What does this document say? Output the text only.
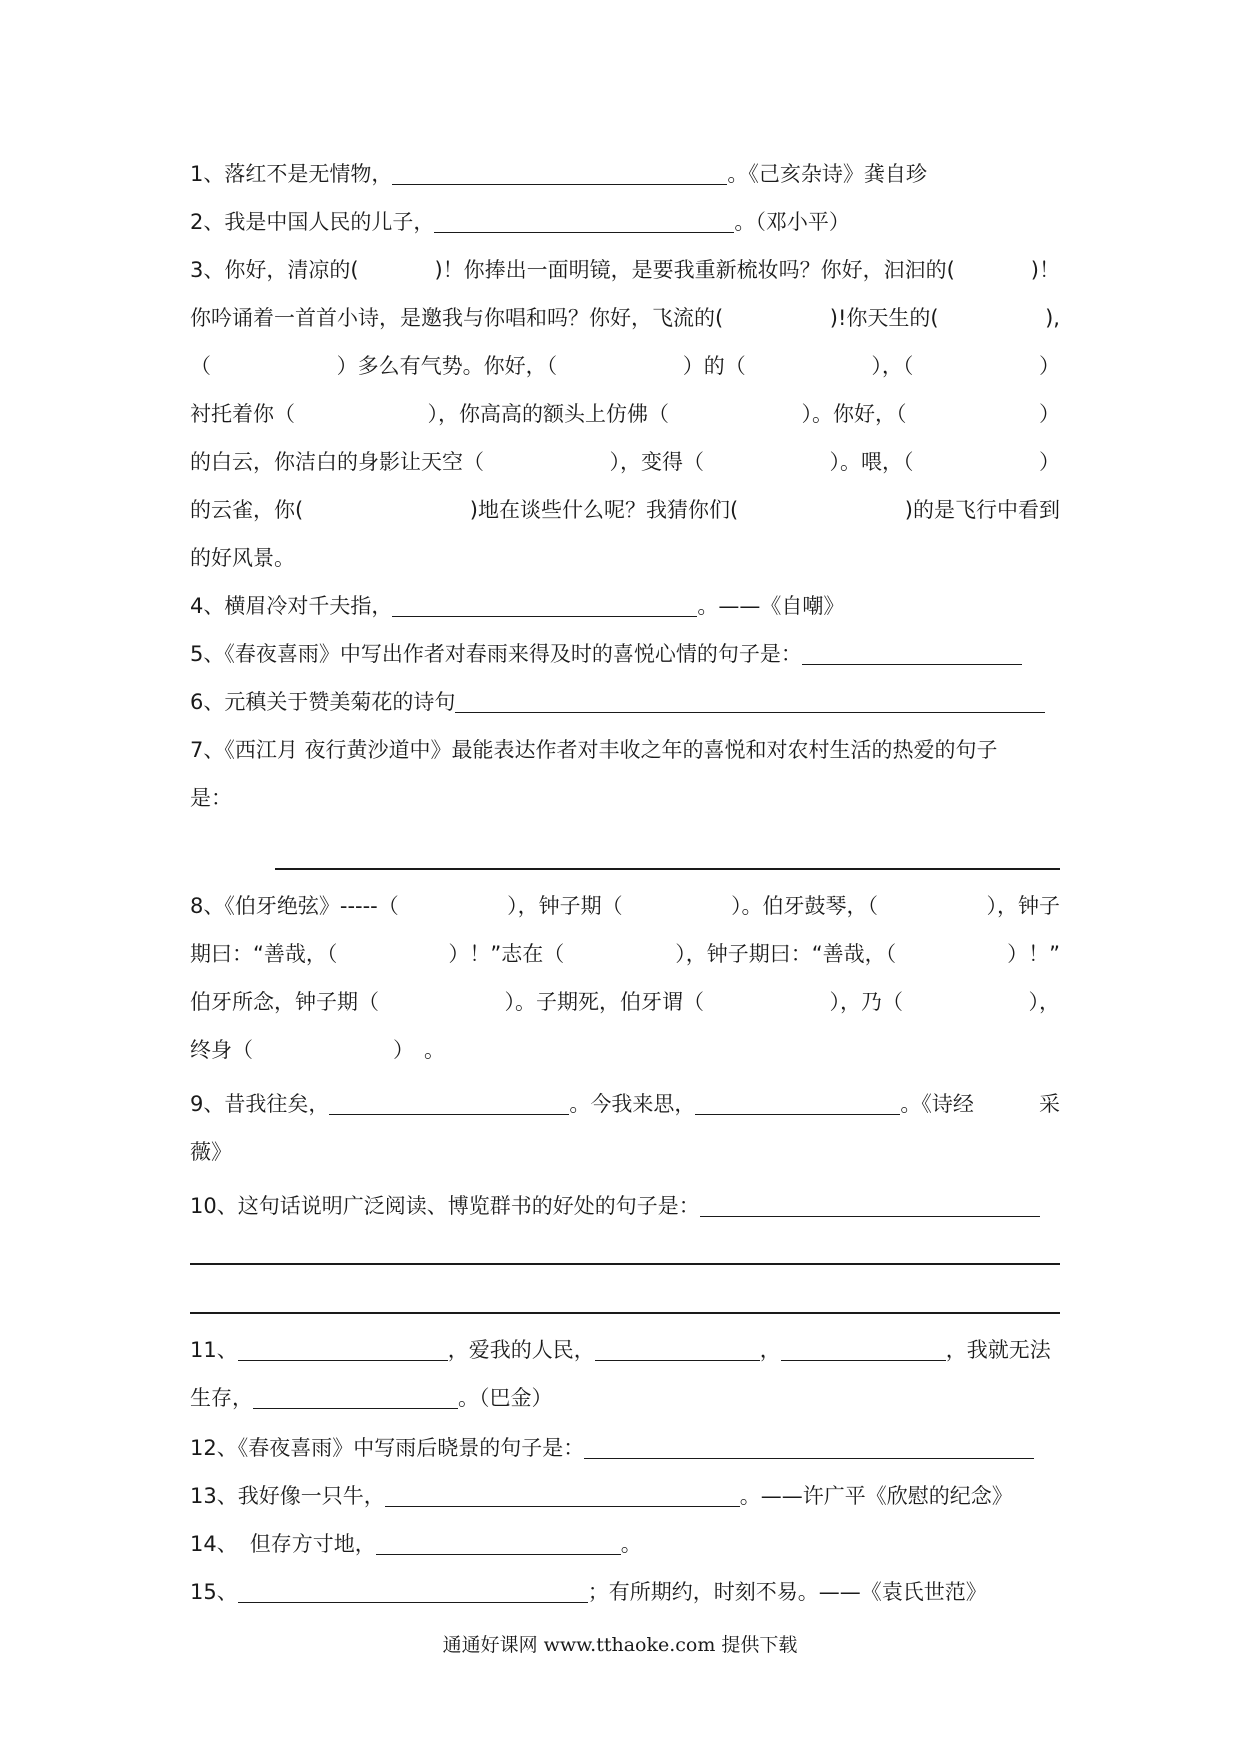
1、落红不是无情物，	。《己亥杂诗》龚自珍
2、我是中国人民的儿子，	。（邓小平）
3、你好，清凉的(	)！你捧出一面明镜，是要我重新梳妆吗？你好，汩汩的(	)！
你吟诵着一首首小诗，是邀我与你唱和吗？你好，飞流的(	)!你天生的(	),
（	）多么有气势。你好，（	）的（	），（	）
衬托着你（	），你高高的额头上仿佛（	）。你好，（	）
的白云，你洁白的身影让天空（	），变得（	）。喂，（	）
的云雀，你(	)地在谈些什么呢？我猜你们(	)的是飞行中看到
的好风景。
4、横眉冷对千夫指，	。——《自嘲》
5、《春夜喜雨》中写出作者对春雨来得及时的喜悦心情的句子是：
6、元稹关于赞美菊花的诗句
7、《西江月 夜行黄沙道中》最能表达作者对丰收之年的喜悦和对农村生活的热爱的句子
是：
8、《伯牙绝弦》-----（	），钟子期（	）。伯牙鼓琴，（	），钟子
期曰：“善哉，（	）！”志在（	），钟子期曰：“善哉，（	）！”
伯牙所念，钟子期（	）。子期死，伯牙谓（	），乃（	），
终身（	） 。
9、昔我往矣，	。今我来思，	。《诗经	采
薇》
10、这句话说明广泛阅读、博览群书的好处的句子是：
11、	，爱我的人民，	，	，我就无法
生存，	。（巴金）
12、《春夜喜雨》中写雨后晓景的句子是：
13、我好像一只牛，	。——许广平《欣慰的纪念》
14、 但存方寸地，	。
15、	；有所期约，时刻不易。——《袁氏世范》
通通好课网 www.tthaoke.com 提供下载
